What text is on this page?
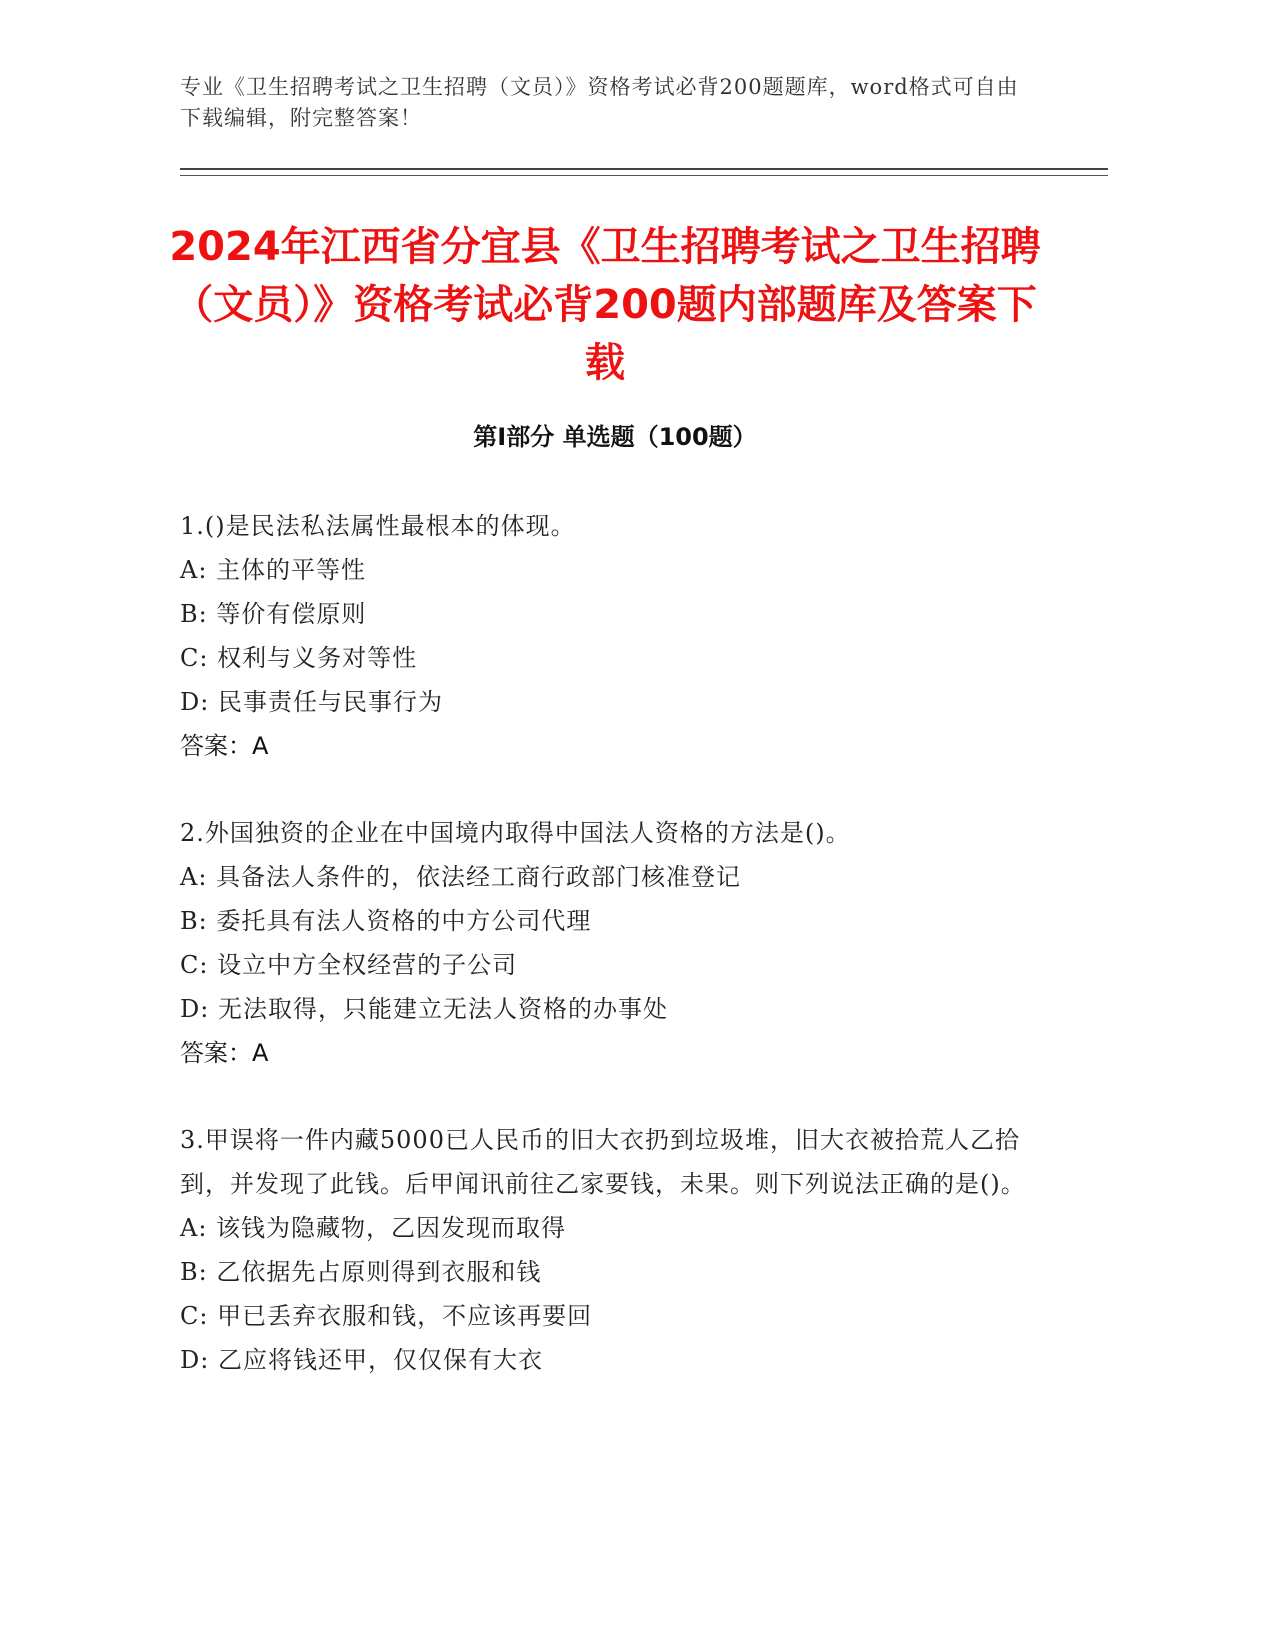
专业《卫生招聘考试之卫生招聘（文员）》资格考试必背200题题库，word格式可自由下载编辑，附完整答案！
2024年江西省分宜县《卫生招聘考试之卫生招聘（文员）》资格考试必背200题内部题库及答案下载
第I部分 单选题（100题）
1.()是民法私法属性最根本的体现。
A: 主体的平等性
B: 等价有偿原则
C: 权利与义务对等性
D: 民事责任与民事行为
答案：A
2.外国独资的企业在中国境内取得中国法人资格的方法是()。
A: 具备法人条件的，依法经工商行政部门核准登记
B: 委托具有法人资格的中方公司代理
C: 设立中方全权经营的子公司
D: 无法取得，只能建立无法人资格的办事处
答案：A
3.甲误将一件内藏5000已人民币的旧大衣扔到垃圾堆，旧大衣被拾荒人乙拾到，并发现了此钱。后甲闻讯前往乙家要钱，未果。则下列说法正确的是()。
A: 该钱为隐藏物，乙因发现而取得
B: 乙依据先占原则得到衣服和钱
C: 甲已丢弃衣服和钱，不应该再要回
D: 乙应将钱还甲，仅仅保有大衣
